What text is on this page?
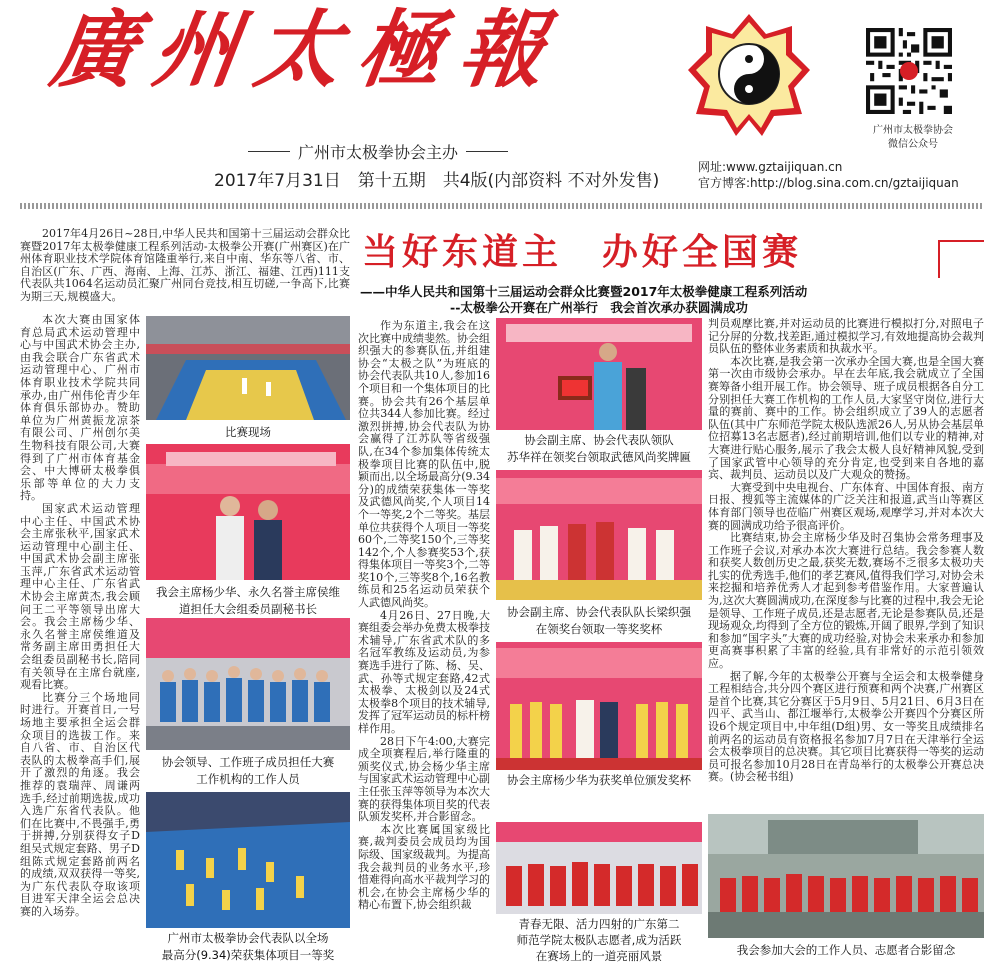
廣州太極報
广州市太极拳协会主办
2017年7月31日　第十五期　共4版(内部资料 不对外发售)
广州市太极拳协会
微信公众号
网址:www.gztaijiquan.cn
官方博客:http://blog.sina.com.cn/gztaijiquan
当好东道主　办好全国赛
——中华人民共和国第十三届运动会群众比赛暨2017年太极拳健康工程系列活动
--太极拳公开赛在广州举行　我会首次承办获圆满成功

2017年4月26日~28日,中华人民共和国第十三届运动会群众比赛暨2017年太极拳健康工程系列活动-太极拳公开赛(广州赛区)在广州体育职业技术学院体育馆隆重举行,来自中南、华东等八省、市、自治区(广东、广西、海南、上海、江苏、浙江、福建、江西)111支代表队共1064名运动员汇聚广州同台竞技,相互切磋,一争高下,比赛为期三天,规模盛大。

本次大赛由国家体育总局武术运动管理中心与中国武术协会主办,由我会联合广东省武术运动管理中心、广州市体育职业技术学院共同承办,由广州伟伦青少年体育俱乐部协办。赞助单位为广州黄振龙凉茶有限公司、广州创尔美生物科技有限公司,大赛得到了广州市体育基金会、中大博研太极拳俱乐部等单位的大力支持。

国家武术运动管理中心主任、中国武术协会主席张秋平,国家武术运动管理中心副主任、中国武术协会副主席张玉萍,广东省武术运动管理中心主任、广东省武术协会主席黄杰,我会顾问王二平等领导出席大会。我会主席杨少华、永久名誉主席侯维道及常务副主席田勇担任大会组委员副秘书长,陪同有关领导在主席台就座,观看比赛。

比赛分三个场地同时进行。开赛首日,一号场地主要承担全运会群众项目的选拔工作。来自八省、市、自治区代表队的太极拳高手们,展开了激烈的角逐。我会推荐的袁瑞萍、周谦两选手,经过前期选拔,成功入选广东省代表队。他们在比赛中,不畏强手,勇于拼搏,分别获得女子D组吴式规定套路、男子D组陈式规定套路前两名的成绩,双双获得一等奖,为广东代表队夺取该项目进军天津全运会总决赛的入场券。

作为东道主,我会在这次比赛中成绩斐然。协会组织强大的参赛队伍,并组建协会“太极之队”为班底的协会代表队共10人,参加16个项目和一个集体项目的比赛。协会共有26个基层单位共344人参加比赛。经过激烈拼搏,协会代表队为协会赢得了江苏队等省级强队,在34个参加集体传统太极拳项目比赛的队伍中,脱颖而出,以全场最高分(9.34分)的成绩荣获集体一等奖及武德风尚奖,个人项目14个一等奖,2个二等奖。基层单位共获得个人项目一等奖60个,二等奖150个,三等奖142个,个人参赛奖53个,获得集体项目一等奖3个,二等奖10个,三等奖8个,16名教练员和25名运动员荣获个人武德风尚奖。

4月26日、27日晚,大赛组委会举办免费太极拳技术辅导,广东省武术队的多名冠军教练及运动员,为参赛选手进行了陈、杨、吴、武、孙等式规定套路,42式太极拳、太极剑以及24式太极拳8个项目的技术辅导,发挥了冠军运动员的标杆榜样作用。

28日下午4:00,大赛完成全项赛程后,举行隆重的颁奖仪式,协会杨少华主席与国家武术运动管理中心副主任张玉萍等领导为本次大赛的获得集体项目奖的代表队颁发奖杯,并合影留念。

本次比赛属国家级比赛,裁判委员会成员均为国际级、国家级裁判。为提高我会裁判员的业务水平,珍惜难得向高水平裁判学习的机会,在协会主席杨少华的精心布置下,协会组织裁

判员观摩比赛,并对运动员的比赛进行模拟打分,对照电子记分屏的分数,找差距,通过模拟学习,有效地提高协会裁判员队伍的整体业务素质和执裁水平。

本次比赛,是我会第一次承办全国大赛,也是全国大赛第一次由市级协会承办。早在去年底,我会就成立了全国赛筹备小组开展工作。协会领导、班子成员根据各自分工分别担任大赛工作机构的工作人员,大家坚守岗位,进行大量的赛前、赛中的工作。协会组织成立了39人的志愿者队伍(其中广东师范学院太极队选派26人,另从协会基层单位招募13名志愿者),经过前期培训,他们以专业的精神,对大赛进行贴心服务,展示了我会太极人良好精神风貌,受到了国家武管中心领导的充分肯定,也受到来自各地的嘉宾、裁判员、运动员以及广大观众的赞扬。

大赛受到中央电视台、广东体育、中国体育报、南方日报、搜狐等主流媒体的广泛关注和报道,武当山等赛区体育部门领导也莅临广州赛区观场,观摩学习,并对本次大赛的圆满成功给予很高评价。

比赛结束,协会主席杨少华及时召集协会常务理事及工作班子会议,对承办本次大赛进行总结。我会参赛人数和获奖人数创历史之最,获奖无数,赛场不乏很多太极功夫扎实的优秀选手,他们的孝艺赛风,值得我们学习,对协会未来挖掘和培养优秀人才起到参考借鉴作用。大家普遍认为,这次大赛圆满成功,在深度参与比赛的过程中,我会无论是领导、工作班子成员,还是志愿者,无论是参赛队员,还是现场观众,均得到了全方位的锻炼,开阔了眼界,学到了知识和参加“国字头”大赛的成功经验,对协会未来承办和参加更高赛事积累了丰富的经验,具有非常好的示范引领效应。

据了解,今年的太极拳公开赛与全运会和太极拳健身工程相结合,共分四个赛区进行预赛和两个决赛,广州赛区是首个比赛,其它分赛区于5月9日、5月21日、6月3日在四平、武当山、都江堰举行,太极拳公开赛四个分赛区所设6个规定项目中,中年组(D组)男、女一等奖且成绩排名前两名的运动员有资格报名参加7月7日在天津举行全运会太极拳项目的总决赛。其它项目比赛获得一等奖的运动员可报名参加10月28日在青岛举行的太极拳公开赛总决赛。(协会秘书组)

比赛现场
我会主席杨少华、永久名誉主席侯维
道担任大会组委员副秘书长
协会领导、工作班子成员担任大赛
工作机构的工作人员
广州市太极拳协会代表队以全场
最高分(9.34)荣获集体项目一等奖
协会副主席、协会代表队领队
苏华祥在领奖台领取武德风尚奖牌匾
协会副主席、协会代表队队长梁织强
在领奖台领取一等奖奖杯
协会主席杨少华为获奖单位颁发奖杯
青春无限、活力四射的广东第二
师范学院太极队志愿者,成为活跃
在赛场上的一道亮丽风景	我会参加大会的工作人员、志愿者合影留念
